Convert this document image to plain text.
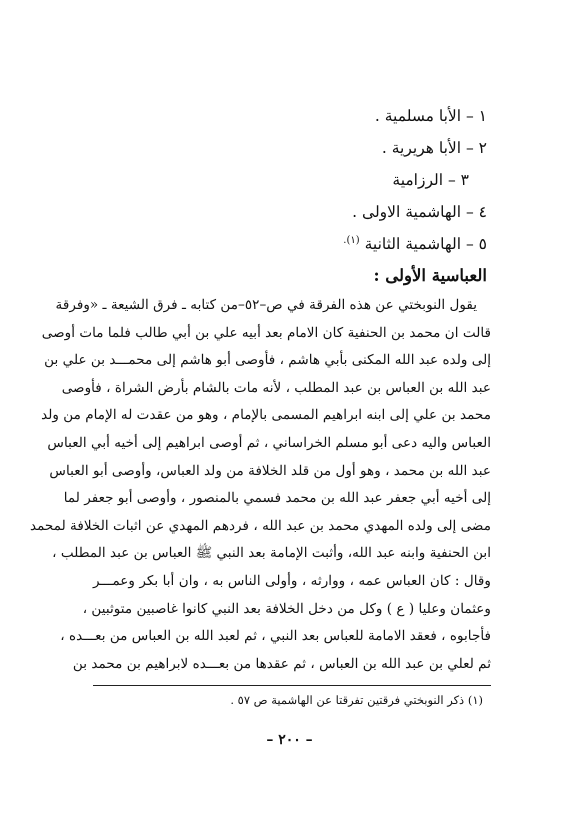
١ – الأبا مسلمية .
٢ – الأبا هريرية .
٣ – الرزامية
٤ – الهاشمية الاولى .
٥ – الهاشمية الثانية $^{(١).}$
العباسية الأولى :
يقول النوبختي عن هذه الفرقة في ص–٥٢–من كتابه ـ فرق الشيعة ـ «وفرقة
قالت ان محمد بن الحنفية كان الامام بعد أبيه علي بن أبي طالب فلما مات أوصى
إلى ولده عبد الله المكنى بأبي هاشم ، فأوصى أبو هاشم إلى محمـــد بن علي بن
عبد الله بن العباس بن عبد المطلب ، لأنه مات بالشام بأرض الشراة ، فأوصى
محمد بن علي إلى ابنه ابراهيم المسمى بالإمام ، وهو من عقدت له الإمام من ولد
العباس واليه دعى أبو مسلم الخراساني ، ثم أوصى ابراهيم إلى أخيه أبي العباس
عبد الله بن محمد ، وهو أول من قلد الخلافة من ولد العباس، وأوصى أبو العباس
إلى أخيه أبي جعفر عبد الله بن محمد فسمي بالمنصور ، وأوصى أبو جعفر لما
مضى إلى ولده المهدي محمد بن عبد الله ، فردهم المهدي عن اثبات الخلافة لمحمد
ابن الحنفية وابنه عبد الله، وأثبت الإمامة بعد النبي ﷺ العباس بن عبد المطلب ،
وقال : كان العباس عمه ، ووارثه ، وأولى الناس به ، وان أبا بكر وعمـــر
وعثمان وعليا ( ع ) وكل من دخل الخلافة بعد النبي كانوا غاصبين متوثبين ،
فأجابوه ، فعقد الامامة للعباس بعد النبي ، ثم لعبد الله بن العباس من بعـــده ،
ثم لعلي بن عبد الله بن العباس ، ثم عقدها من بعـــده لابراهيم بن محمد بن
(١) ذكر النوبختي فرقتين تفرقتا عن الهاشمية ص ٥٧ .
– ٢٠٠ –
